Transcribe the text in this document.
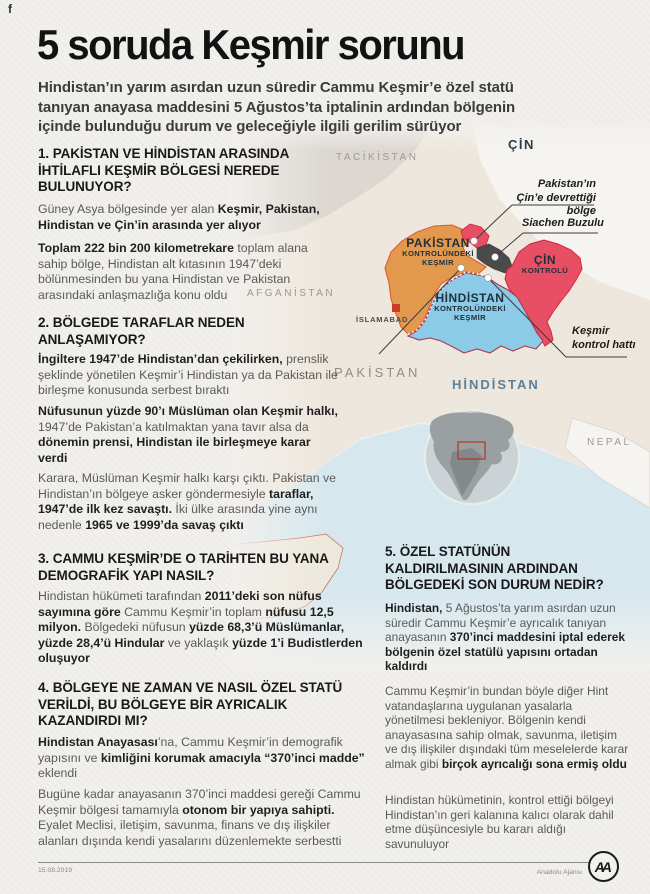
ÇİN
TACİKİSTAN
AFGANİSTAN
PAKİSTAN
HİNDİSTAN
NEPAL
İSLAMABAD
PAKİSTAN
KONTROLÜNDEKİ
KEŞMİR
HİNDİSTAN
KONTROLÜNDEKİ
KEŞMİR
ÇİN
KONTROLÜ
Pakistan’ın Çin’e devrettiği bölge
Siachen Buzulu
Keşmir kontrol hattı
f
5 soruda Keşmir sorunu
Hindistan’ın yarım asırdan uzun süredir Cammu Keşmir’e özel statü tanıyan anayasa maddesini 5 Ağustos’ta iptalinin ardından bölgenin içinde bulunduğu durum ve geleceğiyle ilgili gerilim sürüyor
1. PAKİSTAN VE HİNDİSTAN ARASINDA İHTİLAFLI KEŞMİR BÖLGESİ NEREDE BULUNUYOR?
Güney Asya bölgesinde yer alan Keşmir, Pakistan, Hindistan ve Çin’in arasında yer alıyor
Toplam 222 bin 200 kilometrekare toplam alana sahip bölge, Hindistan alt kıtasının 1947’deki bölünmesinden bu yana Hindistan ve Pakistan arasındaki anlaşmazlığa konu oldu
2. BÖLGEDE TARAFLAR NEDEN ANLAŞAMIYOR?
İngiltere 1947’de Hindistan’dan çekilirken, prenslik şeklinde yönetilen Keşmir’i Hindistan ya da Pakistan ile birleşme konusunda serbest bıraktı
Nüfusunun yüzde 90’ı Müslüman olan Keşmir halkı, 1947’de Pakistan’a katılmaktan yana tavır alsa da dönemin prensi, Hindistan ile birleşmeye karar verdi
Karara, Müslüman Keşmir halkı karşı çıktı. Pakistan ve Hindistan’ın bölgeye asker göndermesiyle taraflar, 1947’de ilk kez savaştı. İki ülke arasında yine aynı nedenle 1965 ve 1999’da savaş çıktı
3. CAMMU KEŞMİR’DE O TARİHTEN BU YANA DEMOGRAFİK YAPI NASIL?
Hindistan hükümeti tarafından 2011’deki son nüfus sayımına göre Cammu Keşmir’in toplam nüfusu 12,5 milyon. Bölgedeki nüfusun yüzde 68,3’ü Müslümanlar, yüzde 28,4’ü Hindular ve yaklaşık yüzde 1’i Budistlerden oluşuyor
4. BÖLGEYE NE ZAMAN VE NASIL ÖZEL STATÜ VERİLDİ, BU BÖLGEYE BİR AYRICALIK KAZANDIRDI MI?
Hindistan Anayasası’na, Cammu Keşmir’in demografik yapısını ve kimliğini korumak amacıyla “370’inci madde” eklendi
Bugüne kadar anayasanın 370’inci maddesi gereği Cammu Keşmir bölgesi tamamıyla otonom bir yapıya sahipti. Eyalet Meclisi, iletişim, savunma, finans ve dış ilişkiler alanları dışında kendi yasalarını düzenlemekte serbestti
5. ÖZEL STATÜNÜN KALDIRILMASININ ARDINDAN BÖLGEDEKİ SON DURUM NEDİR?
Hindistan, 5 Ağustos’ta yarım asırdan uzun süredir Cammu Keşmir’e ayrıcalık tanıyan anayasanın 370’inci maddesini iptal ederek bölgenin özel statülü yapısını ortadan kaldırdı
Cammu Keşmir’in bundan böyle diğer Hint vatandaşlarına uygulanan yasalarla yönetilmesi bekleniyor. Bölgenin kendi anayasasına sahip olmak, savunma, iletişim ve dış ilişkiler dışındaki tüm meselelerde karar almak gibi birçok ayrıcalığı sona ermiş oldu
Hindistan hükümetinin, kontrol ettiği bölgeyi Hindistan’ın geri kalanına kalıcı olarak dahil etme düşüncesiyle bu kararı aldığı savunuluyor
15.08.2019	Anadolu Ajansı AA
